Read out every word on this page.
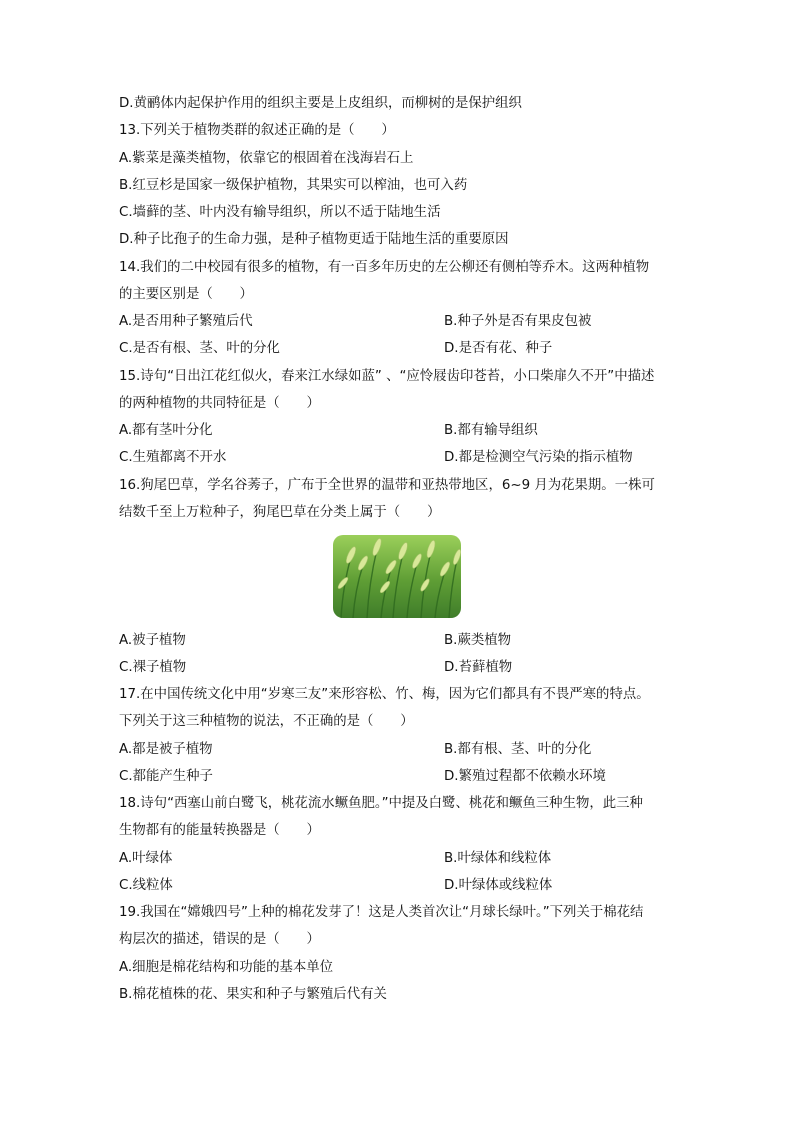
D.黄鹂体内起保护作用的组织主要是上皮组织，而柳树的是保护组织
13.下列关于植物类群的叙述正确的是（　　）
A.紫菜是藻类植物，依靠它的根固着在浅海岩石上
B.红豆杉是国家一级保护植物，其果实可以榨油，也可入药
C.墙藓的茎、叶内没有输导组织，所以不适于陆地生活
D.种子比孢子的生命力强，是种子植物更适于陆地生活的重要原因
14.我们的二中校园有很多的植物，有一百多年历史的左公柳还有侧柏等乔木。这两种植物
的主要区别是（　　）
A.是否用种子繁殖后代	B.种子外是否有果皮包被
C.是否有根、茎、叶的分化	D.是否有花、种子
15.诗句“日出江花红似火，春来江水绿如蓝” 、“应怜屐齿印苍苔，小口柴扉久不开”中描述
的两种植物的共同特征是（　　）
A.都有茎叶分化	B.都有输导组织
C.生殖都离不开水	D.都是检测空气污染的指示植物
16.狗尾巴草，学名谷莠子，广布于全世界的温带和亚热带地区，6~9 月为花果期。一株可
结数千至上万粒种子，狗尾巴草在分类上属于（　　）
A.被子植物	B.蕨类植物
C.裸子植物	D.苔藓植物
17.在中国传统文化中用“岁寒三友”来形容松、竹、梅，因为它们都具有不畏严寒的特点。
下列关于这三种植物的说法，不正确的是（　　）
A.都是被子植物	B.都有根、茎、叶的分化
C.都能产生种子	D.繁殖过程都不依赖水环境
18.诗句“西塞山前白鹭飞，桃花流水鳜鱼肥。”中提及白鹭、桃花和鳜鱼三种生物，此三种
生物都有的能量转换器是（　　）
A.叶绿体	B.叶绿体和线粒体
C.线粒体	D.叶绿体或线粒体
19.我国在“嫦娥四号”上种的棉花发芽了！这是人类首次让“月球长绿叶。”下列关于棉花结
构层次的描述，错误的是（　　）
A.细胞是棉花结构和功能的基本单位
B.棉花植株的花、果实和种子与繁殖后代有关
